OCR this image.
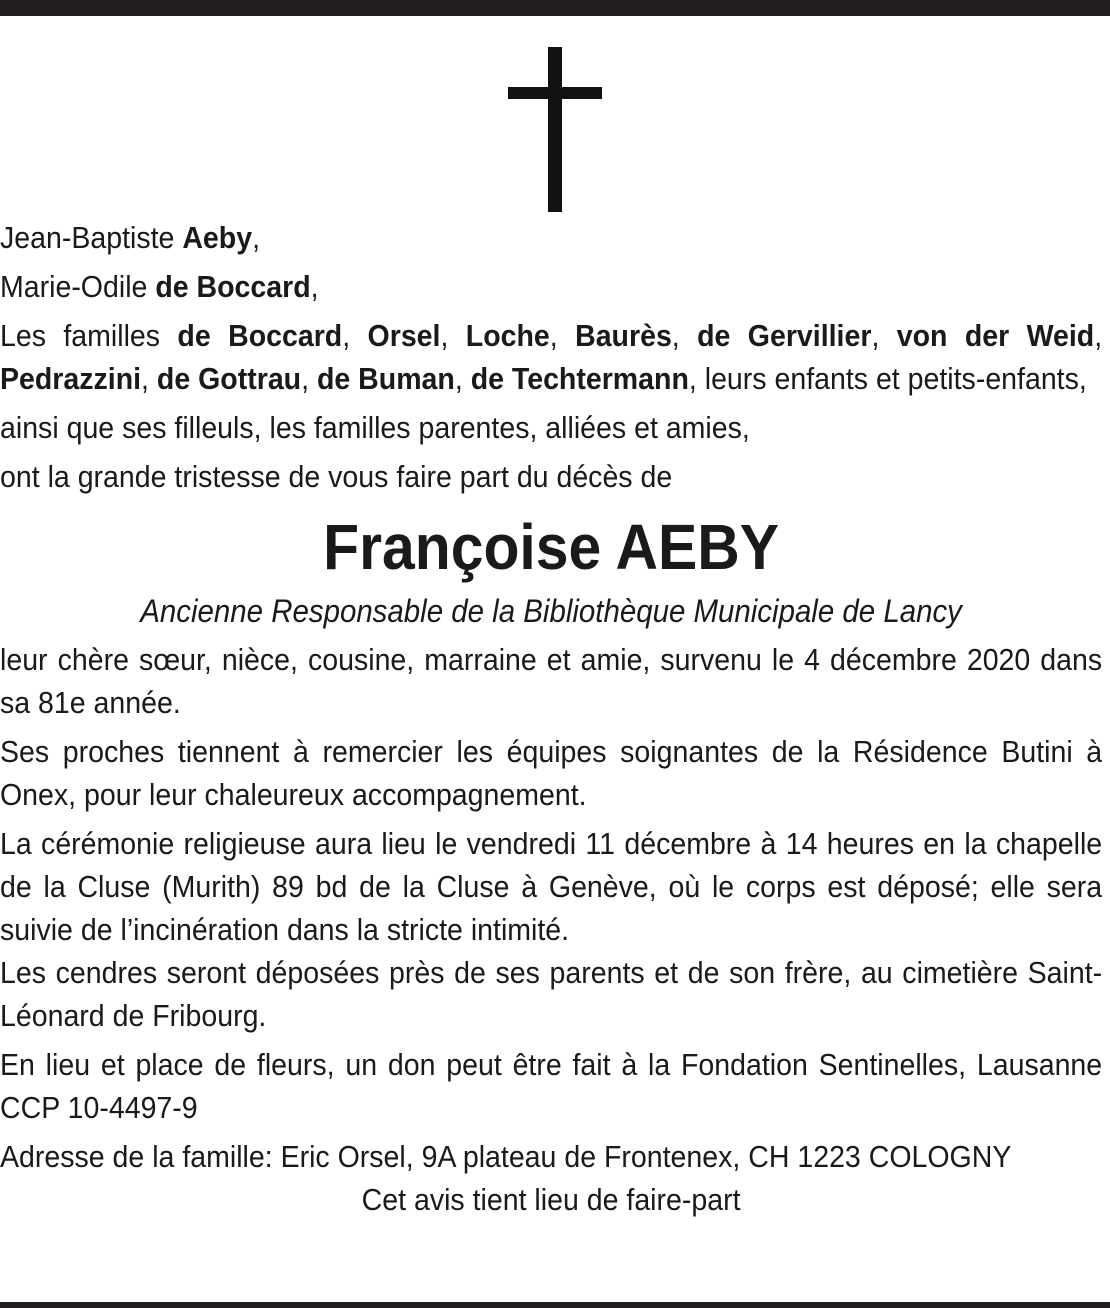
Jean-Baptiste Aeby,

Marie-Odile de Boccard,

Les familles de Boccard, Orsel, Loche, Baurès, de Gervillier, von der Weid, Pedrazzini, de Gottrau, de Buman, de Techtermann, leurs enfants et petits-enfants,

ainsi que ses filleuls, les familles parentes, alliées et amies,

ont la grande tristesse de vous faire part du décès de

Françoise AEBY
Ancienne Responsable de la Bibliothèque Municipale de Lancy

leur chère sœur, nièce, cousine, marraine et amie, survenu le 4 décembre 2020 dans sa 81e année.

Ses proches tiennent à remercier les équipes soignantes de la Résidence Butini à Onex, pour leur chaleureux accompagnement.

La cérémonie religieuse aura lieu le vendredi 11 décembre à 14 heures en la chapelle de la Cluse (Murith) 89 bd de la Cluse à Genève, où le corps est déposé; elle sera suivie de l’incinération dans la stricte intimité.

Les cendres seront déposées près de ses parents et de son frère, au cimetière Saint-Léonard de Fribourg.

En lieu et place de fleurs, un don peut être fait à la Fondation Sentinelles, Lausanne CCP 10-4497-9

Adresse de la famille: Eric Orsel, 9A plateau de Frontenex, CH 1223 COLOGNY

Cet avis tient lieu de faire-part
